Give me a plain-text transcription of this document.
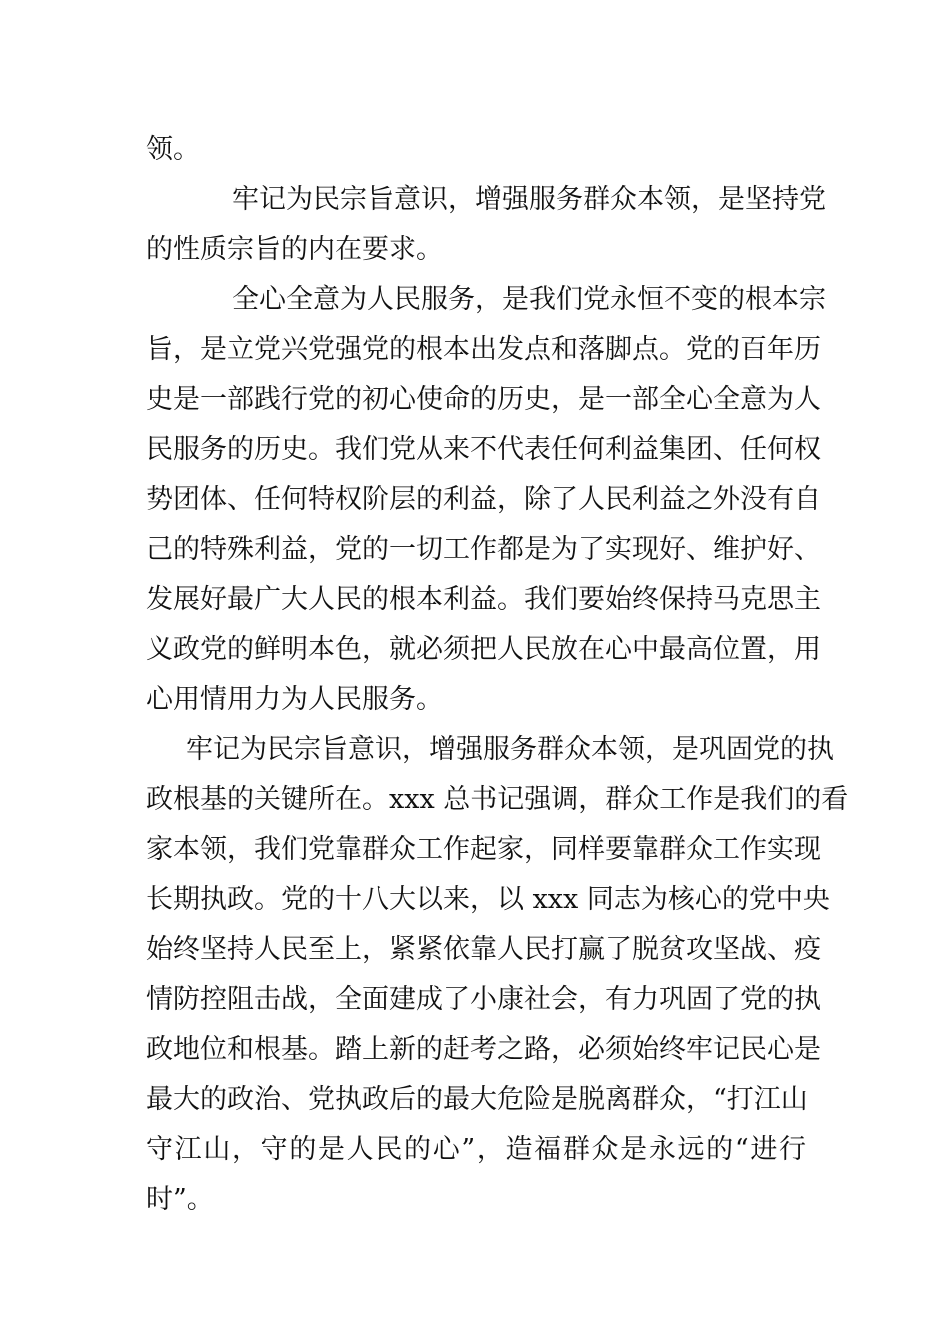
领。
牢记为民宗旨意识，增强服务群众本领，是坚持党
的性质宗旨的内在要求。
全心全意为人民服务，是我们党永恒不变的根本宗
旨，是立党兴党强党的根本出发点和落脚点。党的百年历
史是一部践行党的初心使命的历史，是一部全心全意为人
民服务的历史。我们党从来不代表任何利益集团、任何权
势团体、任何特权阶层的利益，除了人民利益之外没有自
己的特殊利益，党的一切工作都是为了实现好、维护好、
发展好最广大人民的根本利益。我们要始终保持马克思主
义政党的鲜明本色，就必须把人民放在心中最高位置，用
心用情用力为人民服务。
牢记为民宗旨意识，增强服务群众本领，是巩固党的执
政根基的关键所在。xxx 总书记强调，群众工作是我们的看
家本领，我们党靠群众工作起家，同样要靠群众工作实现
长期执政。党的十八大以来，以 xxx 同志为核心的党中央
始终坚持人民至上，紧紧依靠人民打赢了脱贫攻坚战、疫
情防控阻击战，全面建成了小康社会，有力巩固了党的执
政地位和根基。踏上新的赶考之路，必须始终牢记民心是
最大的政治、党执政后的最大危险是脱离群众，“打江山
守江山，守的是人民的心”，造福群众是永远的“进行
时”。
